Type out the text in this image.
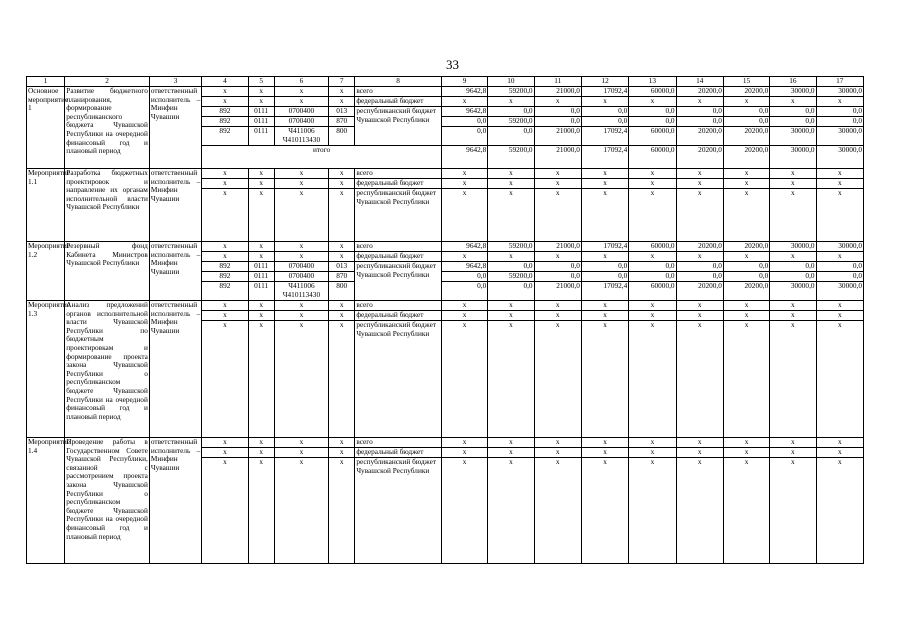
33
1	2	3	4	5	6	7	8	9	10	11	12	13	14	15	16	17
Основное мероприятие 1	Развитие бюджетного планирования, формирование республиканского бюджета Чувашской Республики на очередной финансовый год и плановый период	ответственный исполнитель – Минфин Чувашии	x	x	x	x	всего	9642,8	59200,0	21000,0	17092,4	60000,0	20200,0	20200,0	30000,0	30000,0
			x	x	x	x	федеральный бюджет	x	x	x	x	x	x	x	x	x
			892	0111	0700400	013	республиканский бюджет Чувашской Республики	9642,8	0,0	0,0	0,0	0,0	0,0	0,0	0,0	0,0
			892	0111	0700400	870		0,0	59200,0	0,0	0,0	0,0	0,0	0,0	0,0	0,0
			892	0111	Ч411006 Ч410113430	800		0,0	0,0	21000,0	17092,4	60000,0	20200,0	20200,0	30000,0	30000,0
			итого					9642,8	59200,0	21000,0	17092,4	60000,0	20200,0	20200,0	30000,0	30000,0
Мероприятие 1.1	Разработка бюджетных проектировок и направление их органам исполнительной власти Чувашской Республики	ответственный исполнитель – Минфин Чувашии	x	x	x	x	всего	x	x	x	x	x	x	x	x	x
			x	x	x	x	федеральный бюджет	x	x	x	x	x	x	x	x	x
			x	x	x	x	республиканский бюджет Чувашской Республики	x	x	x	x	x	x	x	x	x
Мероприятие 1.2	Резервный фонд Кабинета Министров Чувашской Республики	ответственный исполнитель – Минфин Чувашии	x	x	x	x	всего	9642,8	59200,0	21000,0	17092,4	60000,0	20200,0	20200,0	30000,0	30000,0
			x	x	x	x	федеральный бюджет	x	x	x	x	x	x	x	x	x
			892	0111	0700400	013	республиканский бюджет Чувашской Республики	9642,8	0,0	0,0	0,0	0,0	0,0	0,0	0,0	0,0
			892	0111	0700400	870		0,0	59200,0	0,0	0,0	0,0	0,0	0,0	0,0	0,0
			892	0111	Ч411006 Ч410113430	800		0,0	0,0	21000,0	17092,4	60000,0	20200,0	20200,0	30000,0	30000,0
Мероприятие 1.3	Анализ предложений органов исполнительной власти Чувашской Республики по бюджетным проектировкам и формирование проекта закона Чувашской Республики о республиканском бюджете Чувашской Республики на очередной финансовый год и плановый период	ответственный исполнитель – Минфин Чувашии	x	x	x	x	всего	x	x	x	x	x	x	x	x	x
			x	x	x	x	федеральный бюджет	x	x	x	x	x	x	x	x	x
			x	x	x	x	республиканский бюджет Чувашской Республики	x	x	x	x	x	x	x	x	x
Мероприятие 1.4	Проведение работы в Государственном Совете Чувашской Республики, связанной с рассмотрением проекта закона Чувашской Республики о республиканском бюджете Чувашской Республики на очередной финансовый год и плановый период	ответственный исполнитель – Минфин Чувашии	x	x	x	x	всего	x	x	x	x	x	x	x	x	x
			x	x	x	x	федеральный бюджет	x	x	x	x	x	x	x	x	x
			x	x	x	x	республиканский бюджет Чувашской Республики	x	x	x	x	x	x	x	x	x
